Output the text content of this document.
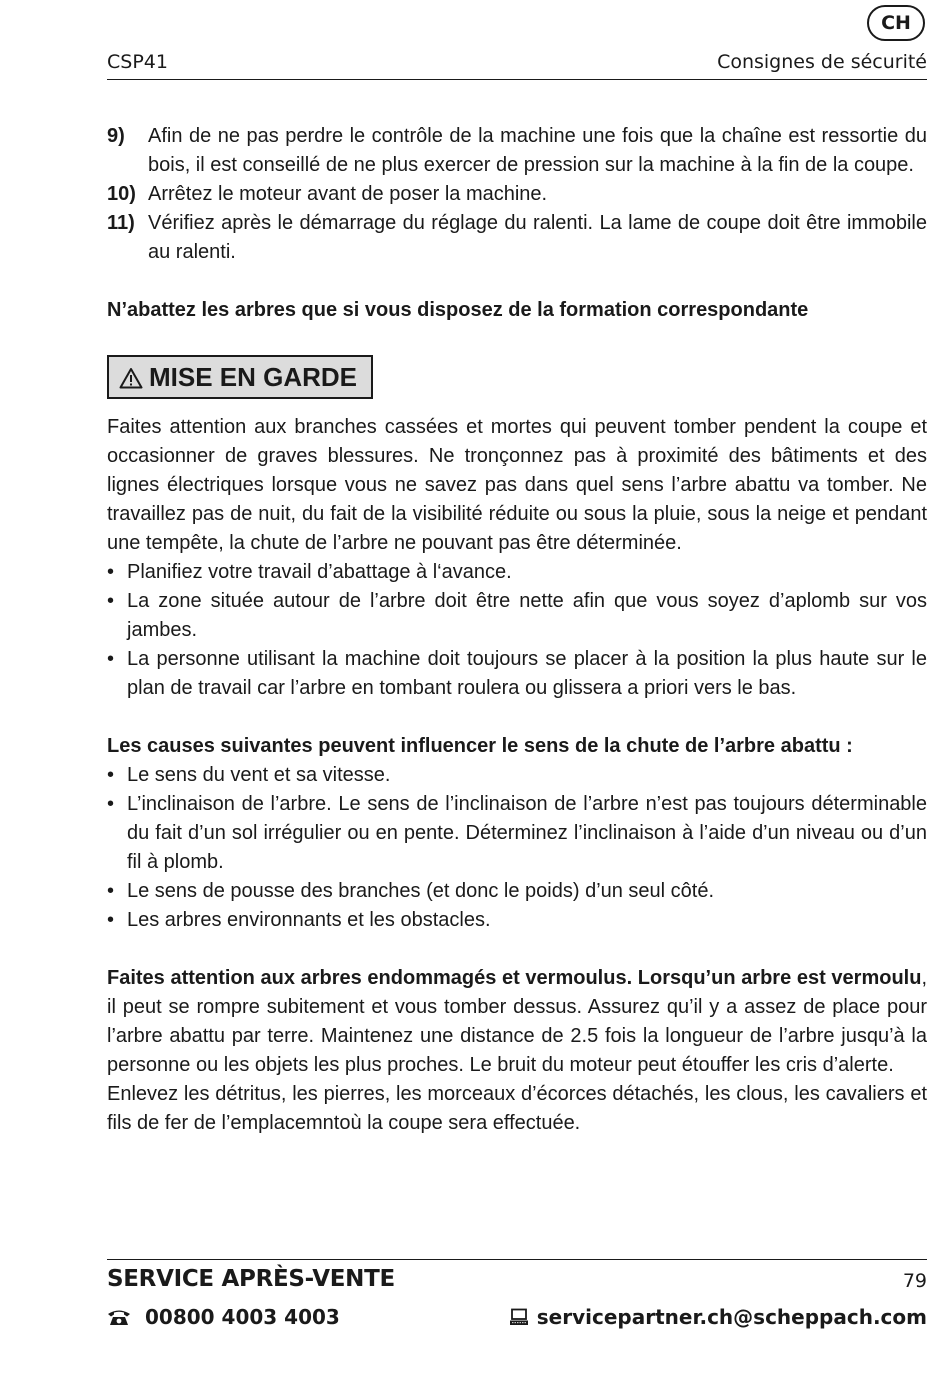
CH
CSP41	Consignes de sécurité
9)	Afin de ne pas perdre le contrôle de la machine une fois que la chaîne est ressortie du bois, il est conseillé de ne plus exercer de pression sur la machine à la fin de la coupe.
10) Arrêtez le moteur avant de poser la machine.
11) Vérifiez après le démarrage du réglage du ralenti. La lame de coupe doit être immobile au ralenti.
N’abattez les arbres que si vous disposez de la formation correspondante
MISE EN GARDE
Faites attention aux branches cassées et mortes qui peuvent tomber pendent la coupe et occasionner de graves blessures. Ne tronçonnez pas à proximité des bâtiments et des lignes électriques lorsque vous ne savez pas dans quel sens l’arbre abattu va tomber. Ne travaillez pas de nuit, du fait de la visibilité réduite ou sous la pluie, sous la neige et pendant une tempête, la chute de l’arbre ne pouvant pas être déterminée.
• Planifiez votre travail d’abattage à l‘avance.
• La zone située autour de l’arbre doit être nette afin que vous soyez d’aplomb sur vos jambes.
• La personne utilisant la machine doit toujours se placer à la position la plus haute sur le plan de travail car l’arbre en tombant roulera ou glissera a priori vers le bas.
Les causes suivantes peuvent influencer le sens de la chute de l’arbre abattu :
• Le sens du vent et sa vitesse.
• L’inclinaison de l’arbre. Le sens de l’inclinaison de l’arbre n’est pas toujours déterminable du fait d’un sol irrégulier ou en pente. Déterminez l’inclinaison à l’aide d’un niveau ou d’un fil à plomb.
• Le sens de pousse des branches (et donc le poids) d’un seul côté.
• Les arbres environnants et les obstacles.
Faites attention aux arbres endommagés et vermoulus. Lorsqu’un arbre est vermoulu, il peut se rompre subitement et vous tomber dessus. Assurez qu’il y a assez de place pour l’arbre abattu par terre. Maintenez une distance de 2.5 fois la longueur de l’arbre jusqu’à la personne ou les objets les plus proches. Le bruit du moteur peut étouffer les cris d’alerte.
Enlevez les détritus, les pierres, les morceaux d’écorces détachés, les clous, les cavaliers et fils de fer de l’emplacemntoù la coupe sera effectuée.
SERVICE APRÈS-VENTE	79
00800 4003 4003	servicepartner.ch@scheppach.com
